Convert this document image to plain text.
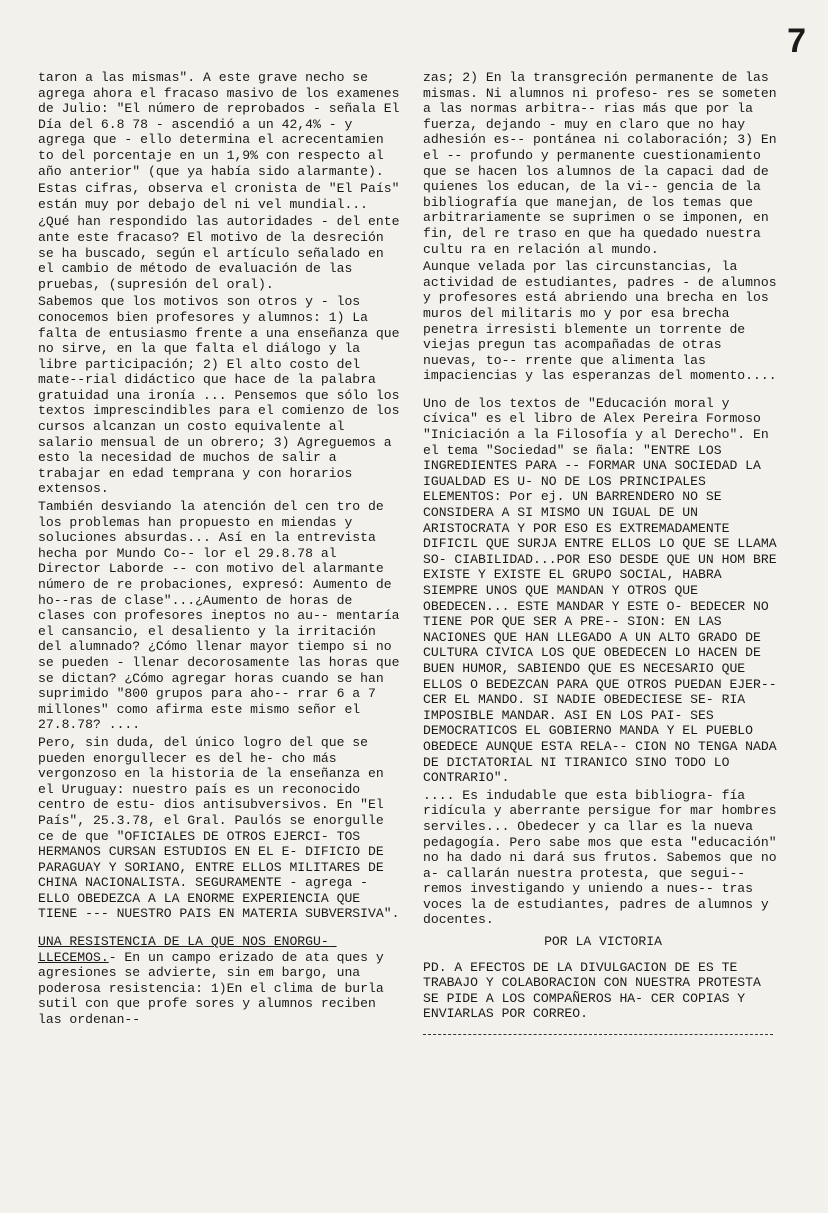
7

taron a las mismas". A este grave necho se agrega ahora el fracaso masivo de los examenes de Julio: "El número de reprobados - señala El Día del 6.8 78 - ascendió a un 42,4% - y agrega que - ello determina el acrecentamien to del porcentaje en un 1,9% con respecto al año anterior" (que ya había sido alarmante).

Estas cifras, observa el cronista de "El País" están muy por debajo del ni vel mundial...

¿Qué han respondido las autoridades - del ente ante este fracaso? El motivo de la desreción se ha buscado, según el artículo señalado en el cambio de método de evaluación de las pruebas, (supresión del oral).

Sabemos que los motivos son otros y - los conocemos bien profesores y alumnos: 1) La falta de entusiasmo frente a una enseñanza que no sirve, en la que falta el diálogo y la libre participación; 2) El alto costo del mate--rial didáctico que hace de la palabra gratuidad una ironía ... Pensemos que sólo los textos imprescindibles para el comienzo de los cursos alcanzan un costo equivalente al salario mensual de un obrero; 3) Agreguemos a esto la necesidad de muchos de salir a trabajar en edad temprana y con horarios extensos.

También desviando la atención del cen tro de los problemas han propuesto en miendas y soluciones absurdas... Así en la entrevista hecha por Mundo Co-- lor el 29.8.78 al Director Laborde -- con motivo del alarmante número de re probaciones, expresó: Aumento de ho--ras de clase"...¿Aumento de horas de clases con profesores ineptos no au-- mentaría el cansancio, el desaliento y la irritación del alumnado? ¿Cómo llenar mayor tiempo si no se pueden - llenar decorosamente las horas que se dictan? ¿Cómo agregar horas cuando se han suprimido "800 grupos para aho-- rrar 6 a 7 millones" como afirma este mismo señor el 27.8.78? ....

Pero, sin duda, del único logro del que se pueden enorgullecer es del he- cho más vergonzoso en la historia de la enseñanza en el Uruguay: nuestro país es un reconocido centro de estu- dios antisubversivos. En "El País", 25.3.78, el Gral. Paulós se enorgulle ce de que "OFICIALES DE OTROS EJERCI- TOS HERMANOS CURSAN ESTUDIOS EN EL E- DIFICIO DE PARAGUAY Y SORIANO, ENTRE ELLOS MILITARES DE CHINA NACIONALISTA. SEGURAMENTE - agrega - ELLO OBEDEZCA A LA ENORME EXPERIENCIA QUE TIENE --- NUESTRO PAIS EN MATERIA SUBVERSIVA".

UNA RESISTENCIA DE LA QUE NOS ENORGU- LLECEMOS.- En un campo erizado de ata ques y agresiones se advierte, sin em bargo, una poderosa resistencia: 1)En el clima de burla sutil con que profe sores y alumnos reciben las ordenan--

zas; 2) En la transgreción permanente de las mismas. Ni alumnos ni profeso- res se someten a las normas arbitra-- rias más que por la fuerza, dejando - muy en claro que no hay adhesión es-- pontánea ni colaboración; 3) En el -- profundo y permanente cuestionamiento que se hacen los alumnos de la capaci dad de quienes los educan, de la vi-- gencia de la bibliografía que manejan, de los temas que arbitrariamente se suprimen o se imponen, en fin, del re traso en que ha quedado nuestra cultu ra en relación al mundo.

Aunque velada por las circunstancias, la actividad de estudiantes, padres - de alumnos y profesores está abriendo una brecha en los muros del militaris mo y por esa brecha penetra irresisti blemente un torrente de viejas pregun tas acompañadas de otras nuevas, to-- rrente que alimenta las impaciencias y las esperanzas del momento....

Uno de los textos de "Educación moral y cívica" es el libro de Alex Pereira Formoso "Iniciación a la Filosofía y al Derecho". En el tema "Sociedad" se ñala: "ENTRE LOS INGREDIENTES PARA -- FORMAR UNA SOCIEDAD LA IGUALDAD ES U- NO DE LOS PRINCIPALES ELEMENTOS: Por ej. UN BARRENDERO NO SE CONSIDERA A SI MISMO UN IGUAL DE UN ARISTOCRATA Y POR ESO ES EXTREMADAMENTE DIFICIL QUE SURJA ENTRE ELLOS LO QUE SE LLAMA SO- CIABILIDAD...POR ESO DESDE QUE UN HOM BRE EXISTE Y EXISTE EL GRUPO SOCIAL, HABRA SIEMPRE UNOS QUE MANDAN Y OTROS QUE OBEDECEN... ESTE MANDAR Y ESTE O- BEDECER NO TIENE POR QUE SER A PRE-- SION: EN LAS NACIONES QUE HAN LLEGADO A UN ALTO GRADO DE CULTURA CIVICA LOS QUE OBEDECEN LO HACEN DE BUEN HUMOR, SABIENDO QUE ES NECESARIO QUE ELLOS O BEDEZCAN PARA QUE OTROS PUEDAN EJER-- CER EL MANDO. SI NADIE OBEDECIESE SE- RIA IMPOSIBLE MANDAR. ASI EN LOS PAI- SES DEMOCRATICOS EL GOBIERNO MANDA Y EL PUEBLO OBEDECE AUNQUE ESTA RELA-- CION NO TENGA NADA DE DICTATORIAL NI TIRANICO SINO TODO LO CONTRARIO".

.... Es indudable que esta bibliogra- fía ridícula y aberrante persigue for mar hombres serviles... Obedecer y ca llar es la nueva pedagogía. Pero sabe mos que esta "educación" no ha dado ni dará sus frutos. Sabemos que no a- callarán nuestra protesta, que segui-- remos investigando y uniendo a nues-- tras voces la de estudiantes, padres de alumnos y docentes.

POR LA VICTORIA

PD. A EFECTOS DE LA DIVULGACION DE ES TE TRABAJO Y COLABORACION CON NUESTRA PROTESTA SE PIDE A LOS COMPAÑEROS HA- CER COPIAS Y ENVIARLAS POR CORREO.
